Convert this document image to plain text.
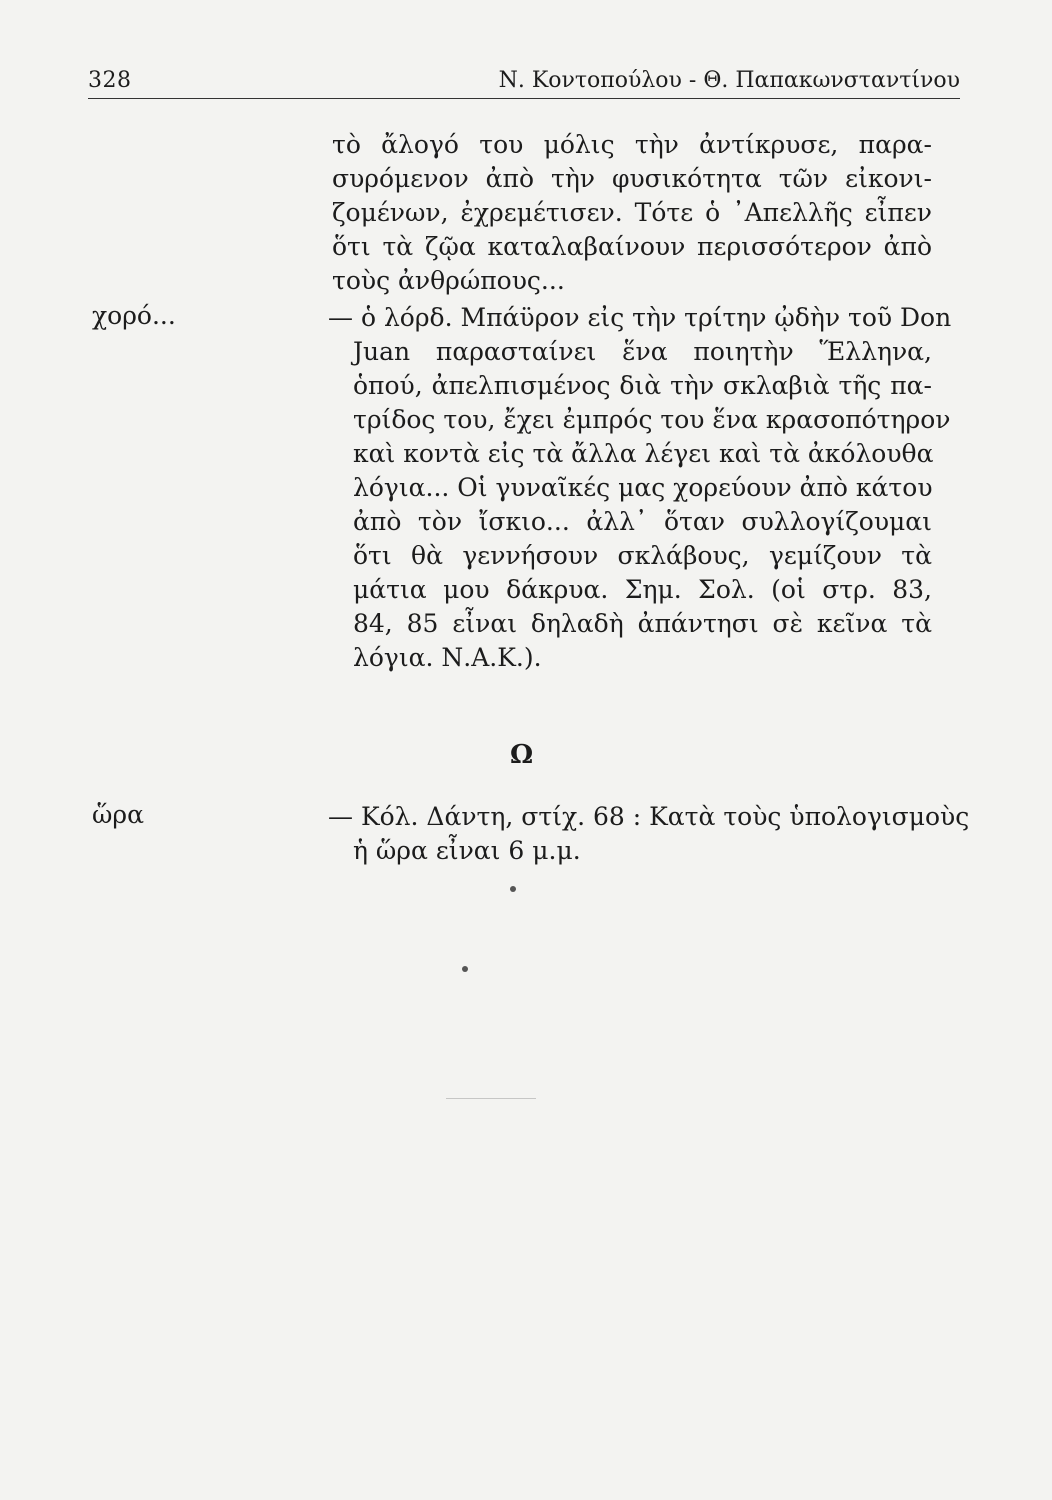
328	Ν. Κοντοπούλου - Θ. Παπακωνσταντίνου
τὸ ἄλογό του μόλις τὴν ἀντίκρυσε, παρα-
συρόμενον ἀπὸ τὴν φυσικότητα τῶν εἰκονι-
ζομένων, ἐχρεμέτισεν. Τότε ὁ ᾿Απελλῆς εἶπεν
ὅτι τὰ ζῷα καταλαβαίνουν περισσότερον ἀπὸ
τοὺς ἀνθρώπους...
χορό...	— ὁ λόρδ. Μπάϋρον εἰς τὴν τρίτην ᾠδὴν τοῦ Don
Juan παρασταίνει ἕνα ποιητὴν Ἕλληνα,
ὁπού, ἀπελπισμένος διὰ τὴν σκλαβιὰ τῆς πα-
τρίδος του, ἔχει ἐμπρός του ἕνα κρασοπότηρον
καὶ κοντὰ εἰς τὰ ἄλλα λέγει καὶ τὰ ἀκόλουθα
λόγια... Οἱ γυναῖκές μας χορεύουν ἀπὸ κάτου
ἀπὸ τὸν ἴσκιο... ἀλλ᾿ ὅταν συλλογίζουμαι
ὅτι θὰ γεννήσουν σκλάβους, γεμίζουν τὰ
μάτια μου δάκρυα. Σημ. Σολ. (οἱ στρ. 83,
84, 85 εἶναι δηλαδὴ ἀπάντησι σὲ κεῖνα τὰ
λόγια. Ν.Α.Κ.).
Ω
ὥρα	— Κόλ. Δάντη, στίχ. 68 : Κατὰ τοὺς ὑπολογισμοὺς
ἡ ὥρα εἶναι 6 μ.μ.
